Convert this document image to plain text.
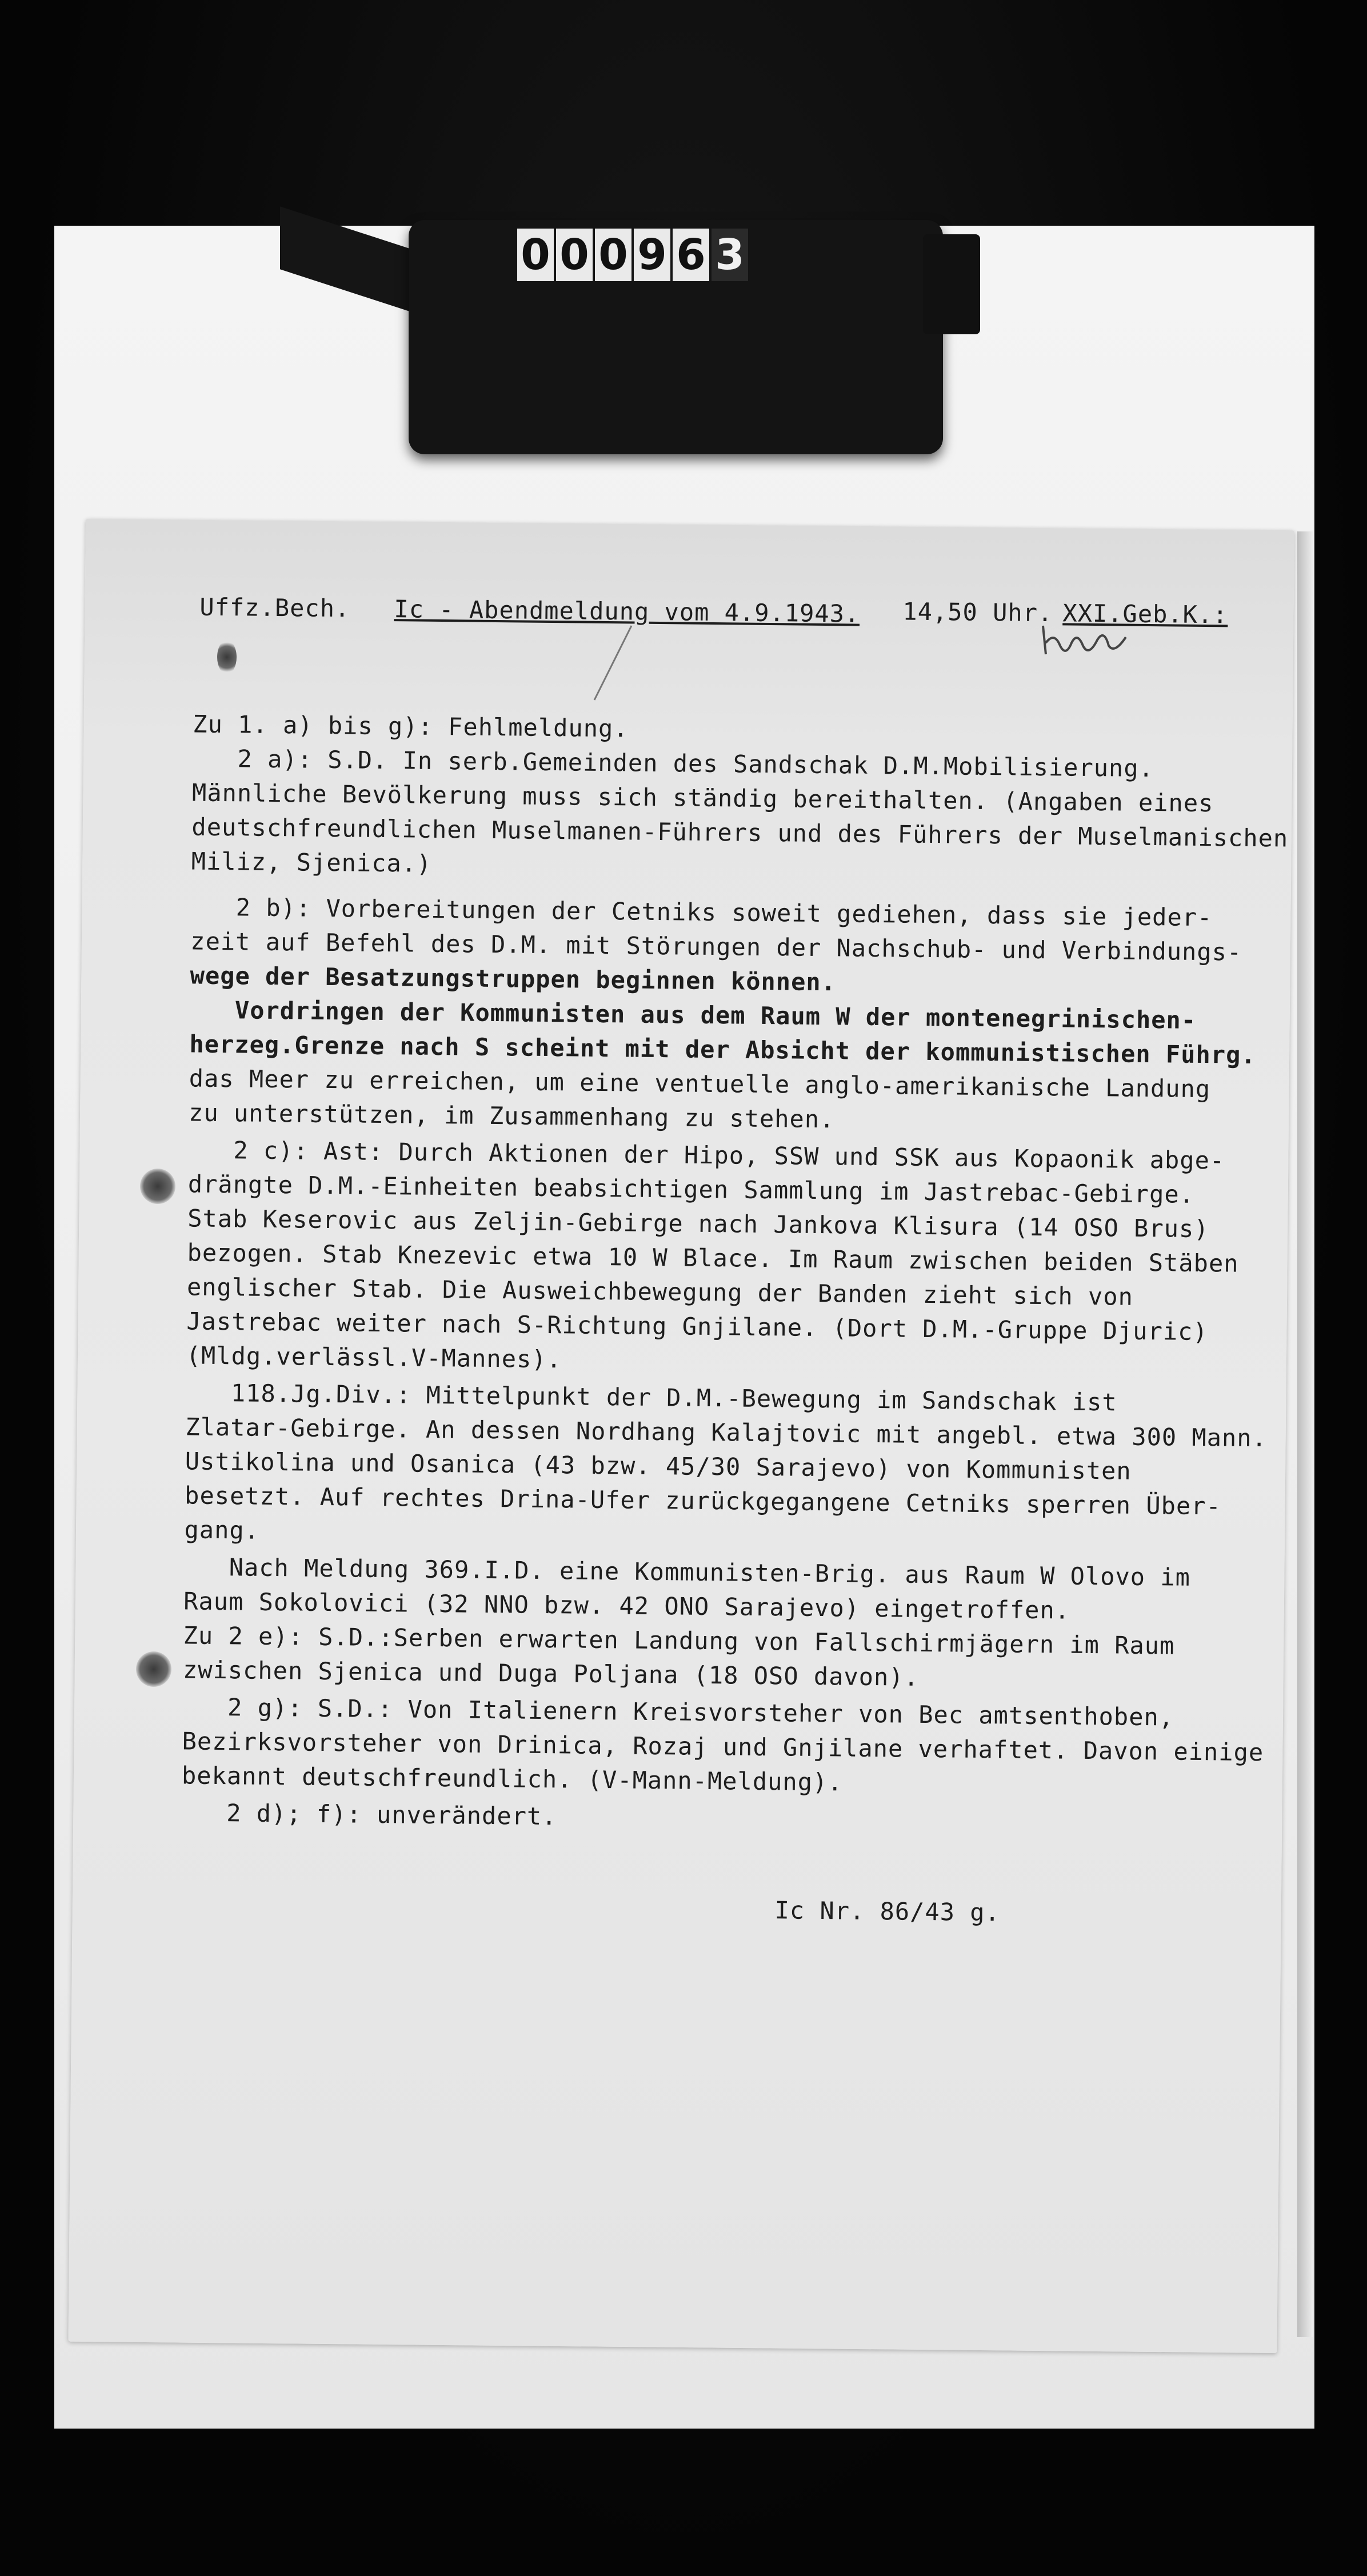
0 0 0 9 6 3
Uffz.Bech. Ic - Abendmeldung vom 4.9.1943. 14,50 Uhr. XXI.Geb.K.:
Zu 1. a) bis g): Fehlmeldung.
2 a): S.D. In serb.Gemeinden des Sandschak D.M.Mobilisierung.
Männliche Bevölkerung muss sich ständig bereithalten. (Angaben eines
deutschfreundlichen Muselmanen-Führers und des Führers der Muselmanischen
Miliz, Sjenica.)
2 b): Vorbereitungen der Cetniks soweit gediehen, dass sie jeder-
zeit auf Befehl des D.M. mit Störungen der Nachschub- und Verbindungs-
wege der Besatzungstruppen beginnen können.
Vordringen der Kommunisten aus dem Raum W der montenegrinischen-
herzeg.Grenze nach S scheint mit der Absicht der kommunistischen Führg.
das Meer zu erreichen, um eine ventuelle anglo-amerikanische Landung
zu unterstützen, im Zusammenhang zu stehen.
2 c): Ast: Durch Aktionen der Hipo, SSW und SSK aus Kopaonik abge-
drängte D.M.-Einheiten beabsichtigen Sammlung im Jastrebac-Gebirge.
Stab Keserovic aus Zeljin-Gebirge nach Jankova Klisura (14 OSO Brus)
bezogen. Stab Knezevic etwa 10 W Blace. Im Raum zwischen beiden Stäben
englischer Stab. Die Ausweichbewegung der Banden zieht sich von
Jastrebac weiter nach S-Richtung Gnjilane. (Dort D.M.-Gruppe Djuric)
(Mldg.verlässl.V-Mannes).
118.Jg.Div.: Mittelpunkt der D.M.-Bewegung im Sandschak ist
Zlatar-Gebirge. An dessen Nordhang Kalajtovic mit angebl. etwa 300 Mann.
Ustikolina und Osanica (43 bzw. 45/30 Sarajevo) von Kommunisten
besetzt. Auf rechtes Drina-Ufer zurückgegangene Cetniks sperren Über-
gang.
Nach Meldung 369.I.D. eine Kommunisten-Brig. aus Raum W Olovo im
Raum Sokolovici (32 NNO bzw. 42 ONO Sarajevo) eingetroffen.
Zu 2 e): S.D.:Serben erwarten Landung von Fallschirmjägern im Raum
zwischen Sjenica und Duga Poljana (18 OSO davon).
2 g): S.D.: Von Italienern Kreisvorsteher von Bec amtsenthoben,
Bezirksvorsteher von Drinica, Rozaj und Gnjilane verhaftet. Davon einige
bekannt deutschfreundlich. (V-Mann-Meldung).
2 d); f): unverändert.
Ic Nr. 86/43 g.
